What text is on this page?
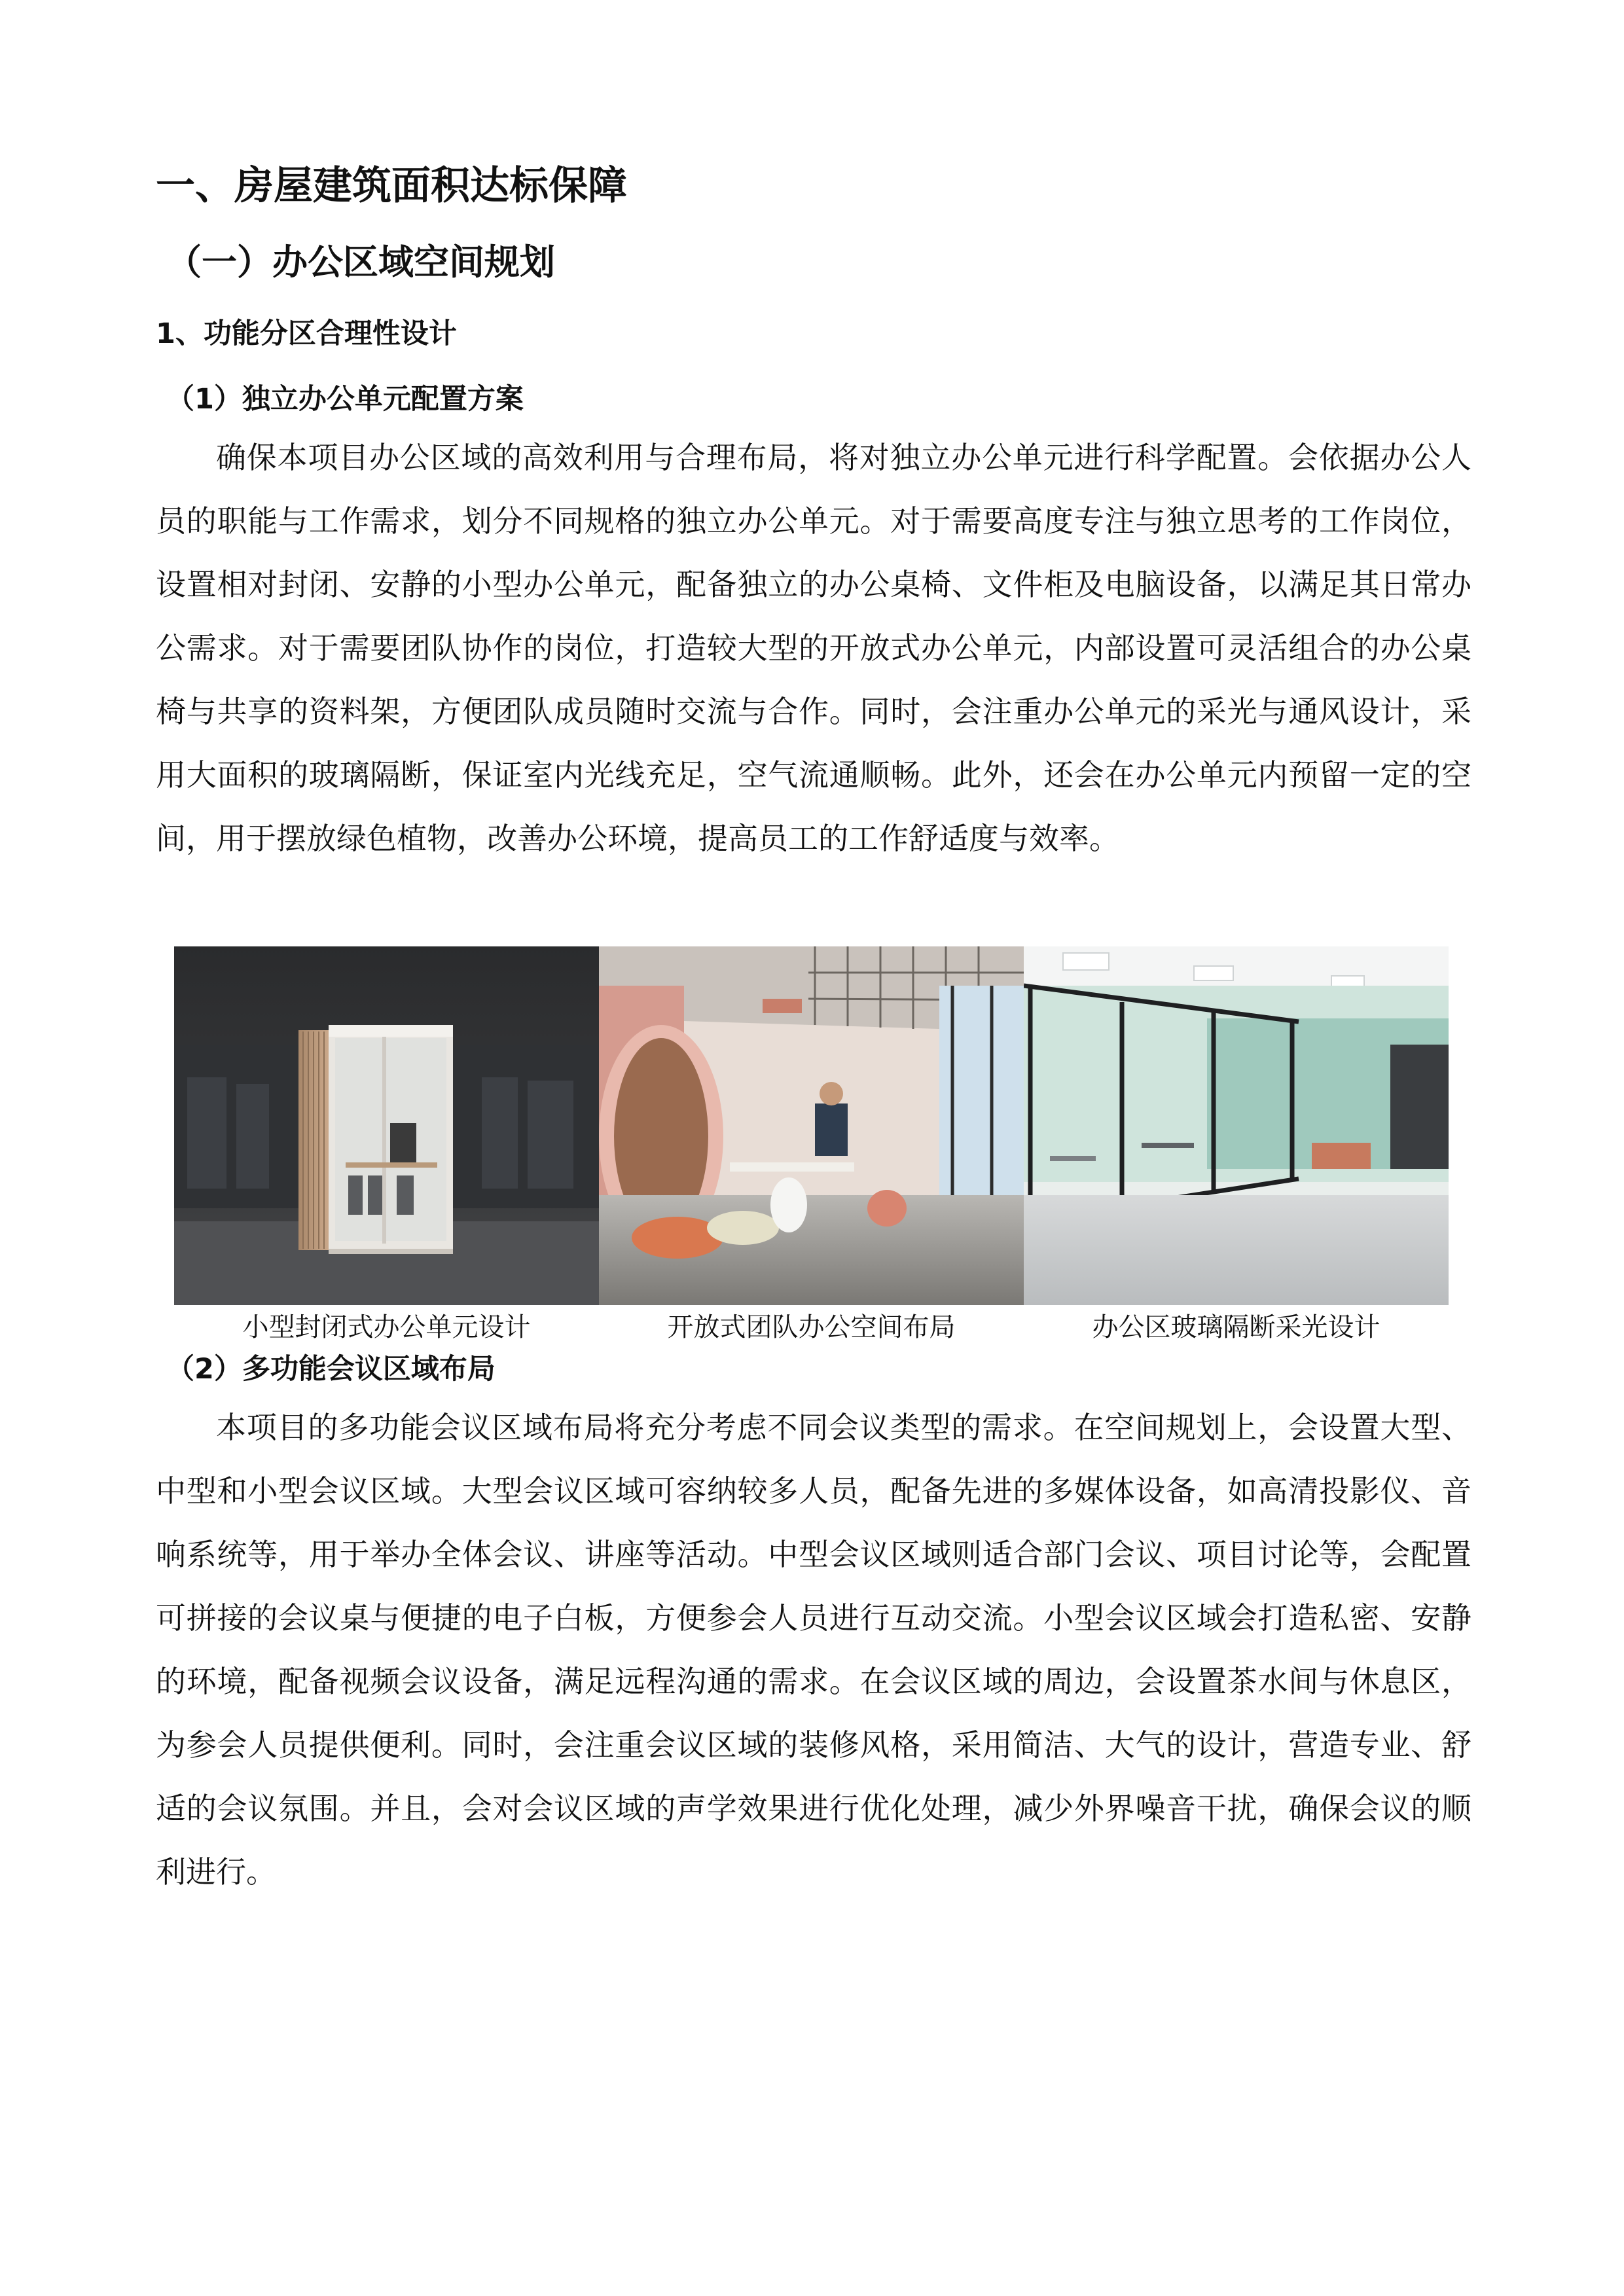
一、房屋建筑面积达标保障
（一）办公区域空间规划
1、功能分区合理性设计
（1）独立办公单元配置方案

确保本项目办公区域的高效利用与合理布局，将对独立办公单元进行科学配置。会依据办公人员的职能与工作需求，划分不同规格的独立办公单元。对于需要高度专注与独立思考的工作岗位，设置相对封闭、安静的小型办公单元，配备独立的办公桌椅、文件柜及电脑设备，以满足其日常办公需求。对于需要团队协作的岗位，打造较大型的开放式办公单元，内部设置可灵活组合的办公桌椅与共享的资料架，方便团队成员随时交流与合作。同时，会注重办公单元的采光与通风设计，采用大面积的玻璃隔断，保证室内光线充足，空气流通顺畅。此外，还会在办公单元内预留一定的空间，用于摆放绿色植物，改善办公环境，提高员工的工作舒适度与效率。

小型封闭式办公单元设计	开放式团队办公空间布局	办公区玻璃隔断采光设计
（2）多功能会议区域布局

本项目的多功能会议区域布局将充分考虑不同会议类型的需求。在空间规划上，会设置大型、中型和小型会议区域。大型会议区域可容纳较多人员，配备先进的多媒体设备，如高清投影仪、音响系统等，用于举办全体会议、讲座等活动。中型会议区域则适合部门会议、项目讨论等，会配置可拼接的会议桌与便捷的电子白板，方便参会人员进行互动交流。小型会议区域会打造私密、安静的环境，配备视频会议设备，满足远程沟通的需求。在会议区域的周边，会设置茶水间与休息区，为参会人员提供便利。同时，会注重会议区域的装修风格，采用简洁、大气的设计，营造专业、舒适的会议氛围。并且，会对会议区域的声学效果进行优化处理，减少外界噪音干扰，确保会议的顺利进行。
